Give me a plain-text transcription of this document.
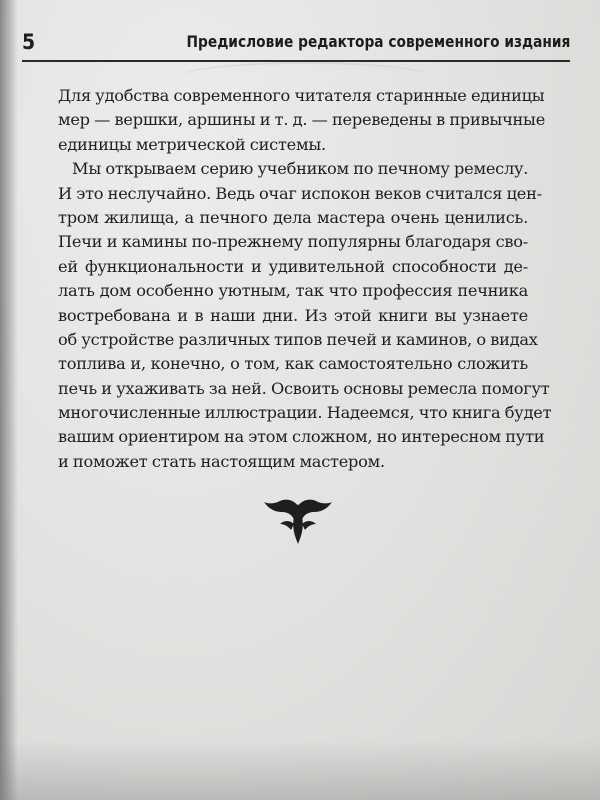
5	Предисловие редактора современного издания
Для удобства современного читателя старинные единицы
мер — вершки, аршины и т. д. — переведены в привычные
единицы метрической системы.
Мы открываем серию учебником по печному ремеслу.
И это неслучайно. Ведь очаг испокон веков считался цен-
тром жилища, а печного дела мастера очень ценились.
Печи и камины по-прежнему популярны благодаря сво-
ей функциональности и удивительной способности де-
лать дом особенно уютным, так что профессия печника
востребована и в наши дни. Из этой книги вы узнаете
об устройстве различных типов печей и каминов, о видах
топлива и, конечно, о том, как самостоятельно сложить
печь и ухаживать за ней. Освоить основы ремесла помогут
многочисленные иллюстрации. Надеемся, что книга будет
вашим ориентиром на этом сложном, но интересном пути
и поможет стать настоящим мастером.
